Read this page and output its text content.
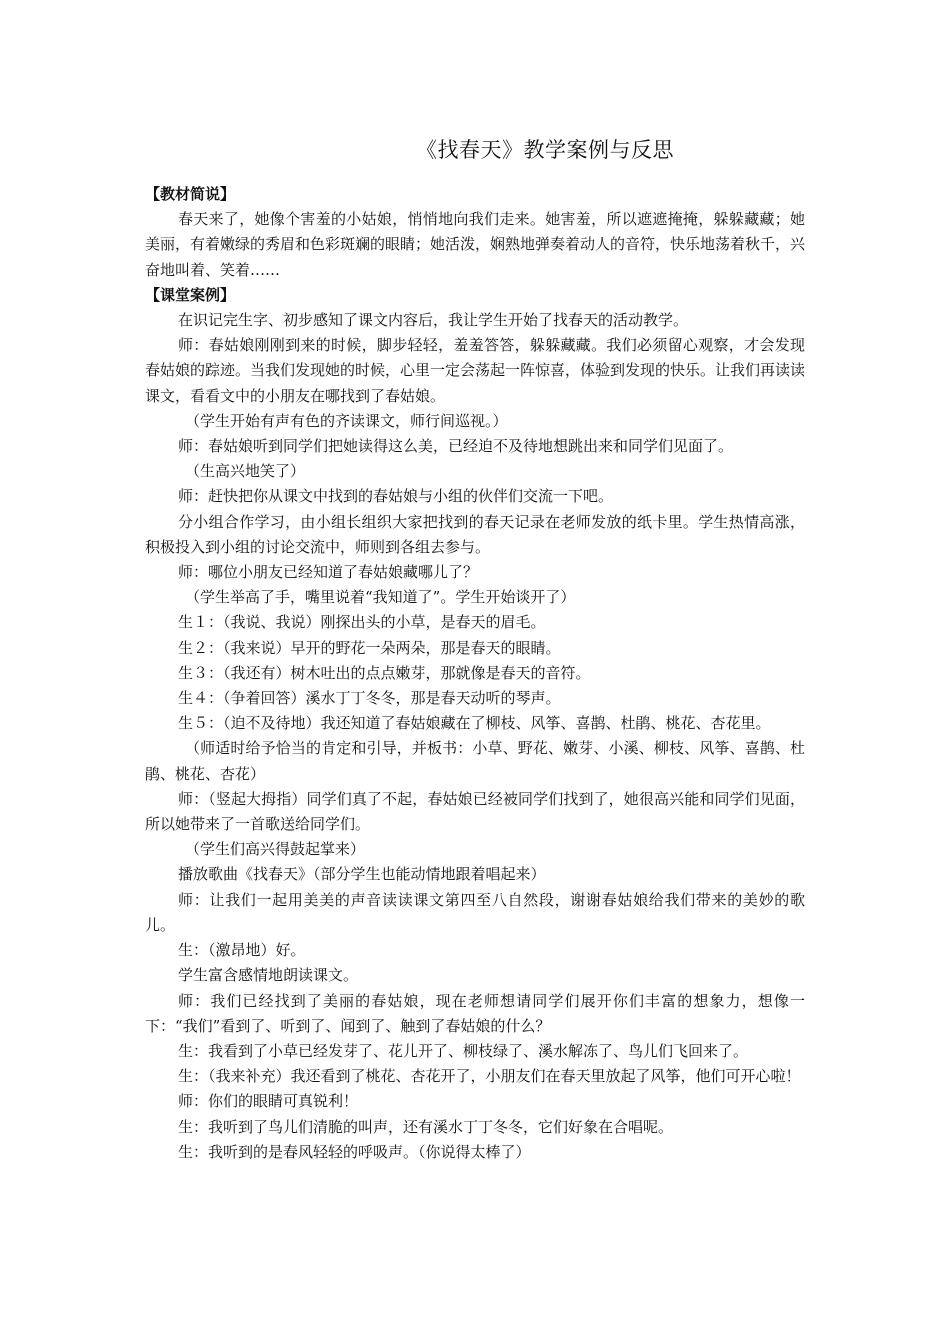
《找春天》教学案例与反思

【教材简说】

春天来了，她像个害羞的小姑娘，悄悄地向我们走来。她害羞，所以遮遮掩掩，躲躲藏藏；她美丽，有着嫩绿的秀眉和色彩斑斓的眼睛；她活泼，娴熟地弹奏着动人的音符，快乐地荡着秋千，兴奋地叫着、笑着……

【课堂案例】

在识记完生字、初步感知了课文内容后，我让学生开始了找春天的活动教学。

师：春姑娘刚刚到来的时候，脚步轻轻，羞羞答答，躲躲藏藏。我们必须留心观察，才会发现春姑娘的踪迹。当我们发现她的时候，心里一定会荡起一阵惊喜，体验到发现的快乐。让我们再读读课文，看看文中的小朋友在哪找到了春姑娘。

（学生开始有声有色的齐读课文，师行间巡视。）

师：春姑娘听到同学们把她读得这么美，已经迫不及待地想跳出来和同学们见面了。

（生高兴地笑了）

师：赶快把你从课文中找到的春姑娘与小组的伙伴们交流一下吧。

分小组合作学习，由小组长组织大家把找到的春天记录在老师发放的纸卡里。学生热情高涨，积极投入到小组的讨论交流中，师则到各组去参与。

师：哪位小朋友已经知道了春姑娘藏哪儿了？

（学生举高了手，嘴里说着“我知道了”。学生开始谈开了）

生１：（我说、我说）刚探出头的小草，是春天的眉毛。

生２：（我来说）早开的野花一朵两朵，那是春天的眼睛。

生３：（我还有）树木吐出的点点嫩芽，那就像是春天的音符。

生４：（争着回答）溪水丁丁冬冬，那是春天动听的琴声。

生５：（迫不及待地）我还知道了春姑娘藏在了柳枝、风筝、喜鹊、杜鹃、桃花、杏花里。

（师适时给予恰当的肯定和引导，并板书：小草、野花、嫩芽、小溪、柳枝、风筝、喜鹊、杜鹃、桃花、杏花）

师：（竖起大拇指）同学们真了不起，春姑娘已经被同学们找到了，她很高兴能和同学们见面，所以她带来了一首歌送给同学们。

（学生们高兴得鼓起掌来）

播放歌曲《找春天》（部分学生也能动情地跟着唱起来）

师：让我们一起用美美的声音读读课文第四至八自然段，谢谢春姑娘给我们带来的美妙的歌儿。

生：（激昂地）好。

学生富含感情地朗读课文。

师：我们已经找到了美丽的春姑娘，现在老师想请同学们展开你们丰富的想象力，想像一下：“我们”看到了、听到了、闻到了、触到了春姑娘的什么？

生：我看到了小草已经发芽了、花儿开了、柳枝绿了、溪水解冻了、鸟儿们飞回来了。

生：（我来补充）我还看到了桃花、杏花开了，小朋友们在春天里放起了风筝，他们可开心啦！

师：你们的眼睛可真锐利！

生：我听到了鸟儿们清脆的叫声，还有溪水丁丁冬冬，它们好象在合唱呢。

生：我听到的是春风轻轻的呼吸声。（你说得太棒了）
